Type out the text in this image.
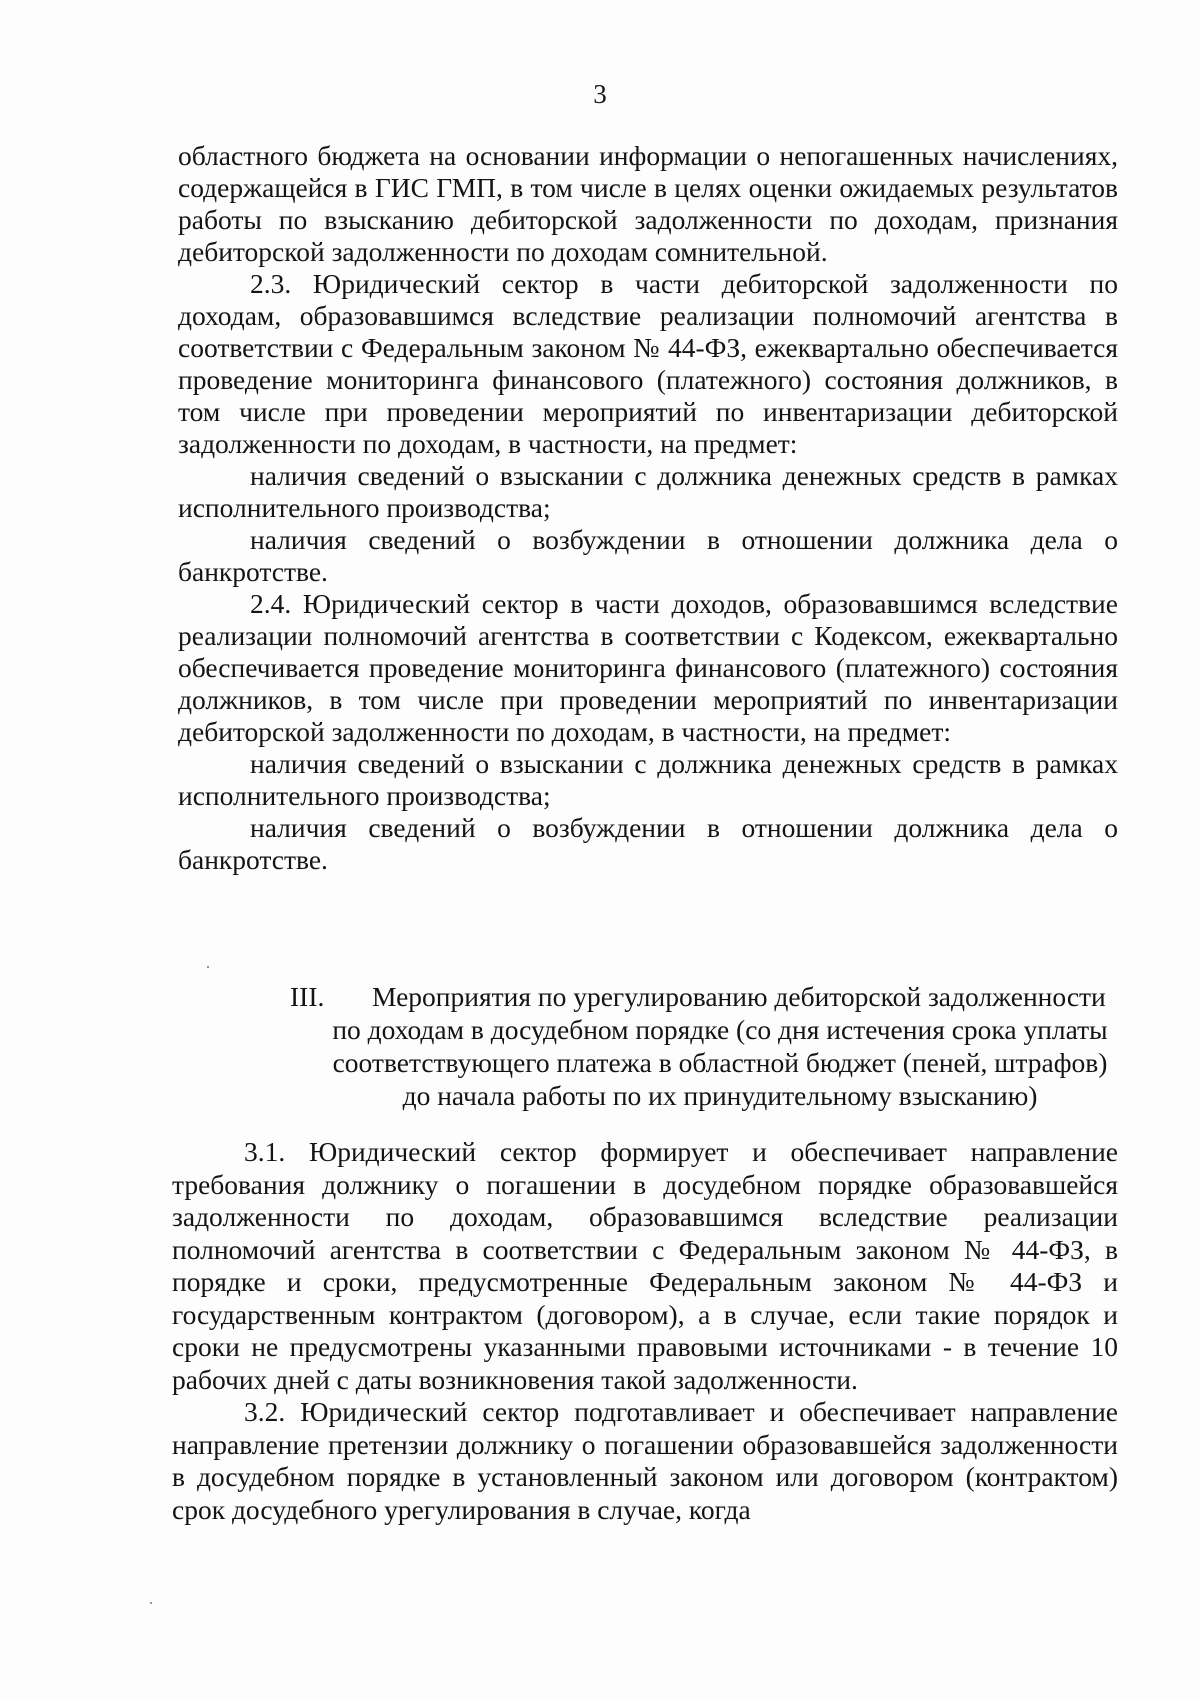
3

областного бюджета на основании информации о непогашенных начислениях, содержащейся в ГИС ГМП, в том числе в целях оценки ожидаемых результатов работы по взысканию дебиторской задолженности по доходам, признания дебиторской задолженности по доходам сомнительной.

2.3. Юридический сектор в части дебиторской задолженности по доходам, образовавшимся вследствие реализации полномочий агентства в соответствии с Федеральным законом № 44-ФЗ, ежеквартально обеспечивается проведение мониторинга финансового (платежного) состояния должников, в том числе при проведении мероприятий по инвентаризации дебиторской задолженности по доходам, в частности, на предмет:

наличия сведений о взыскании с должника денежных средств в рамках исполнительного производства;

наличия сведений о возбуждении в отношении должника дела о банкротстве.

2.4. Юридический сектор в части доходов, образовавшимся вследствие реализации полномочий агентства в соответствии с Кодексом, ежеквартально обеспечивается проведение мониторинга финансового (платежного) состояния должников, в том числе при проведении мероприятий по инвентаризации дебиторской задолженности по доходам, в частности, на предмет:

наличия сведений о взыскании с должника денежных средств в рамках исполнительного производства;

наличия сведений о возбуждении в отношении должника дела о банкротстве.

III. Мероприятия по урегулированию дебиторской задолженности
по доходам в досудебном порядке (со дня истечения срока уплаты
соответствующего платежа в областной бюджет (пеней, штрафов)
до начала работы по их принудительному взысканию)

3.1. Юридический сектор формирует и обеспечивает направление требования должнику о погашении в досудебном порядке образовавшейся задолженности по доходам, образовавшимся вследствие реализации полномочий агентства в соответствии с Федеральным законом № 44-ФЗ, в порядке и сроки, предусмотренные Федеральным законом № 44-ФЗ и государственным контрактом (договором), а в случае, если такие порядок и сроки не предусмотрены указанными правовыми источниками - в течение 10 рабочих дней с даты возникновения такой задолженности.

3.2. Юридический сектор подготавливает и обеспечивает направление направление претензии должнику о погашении образовавшейся задолженности в досудебном порядке в установленный законом или договором (контрактом) срок досудебного урегулирования в случае, когда
